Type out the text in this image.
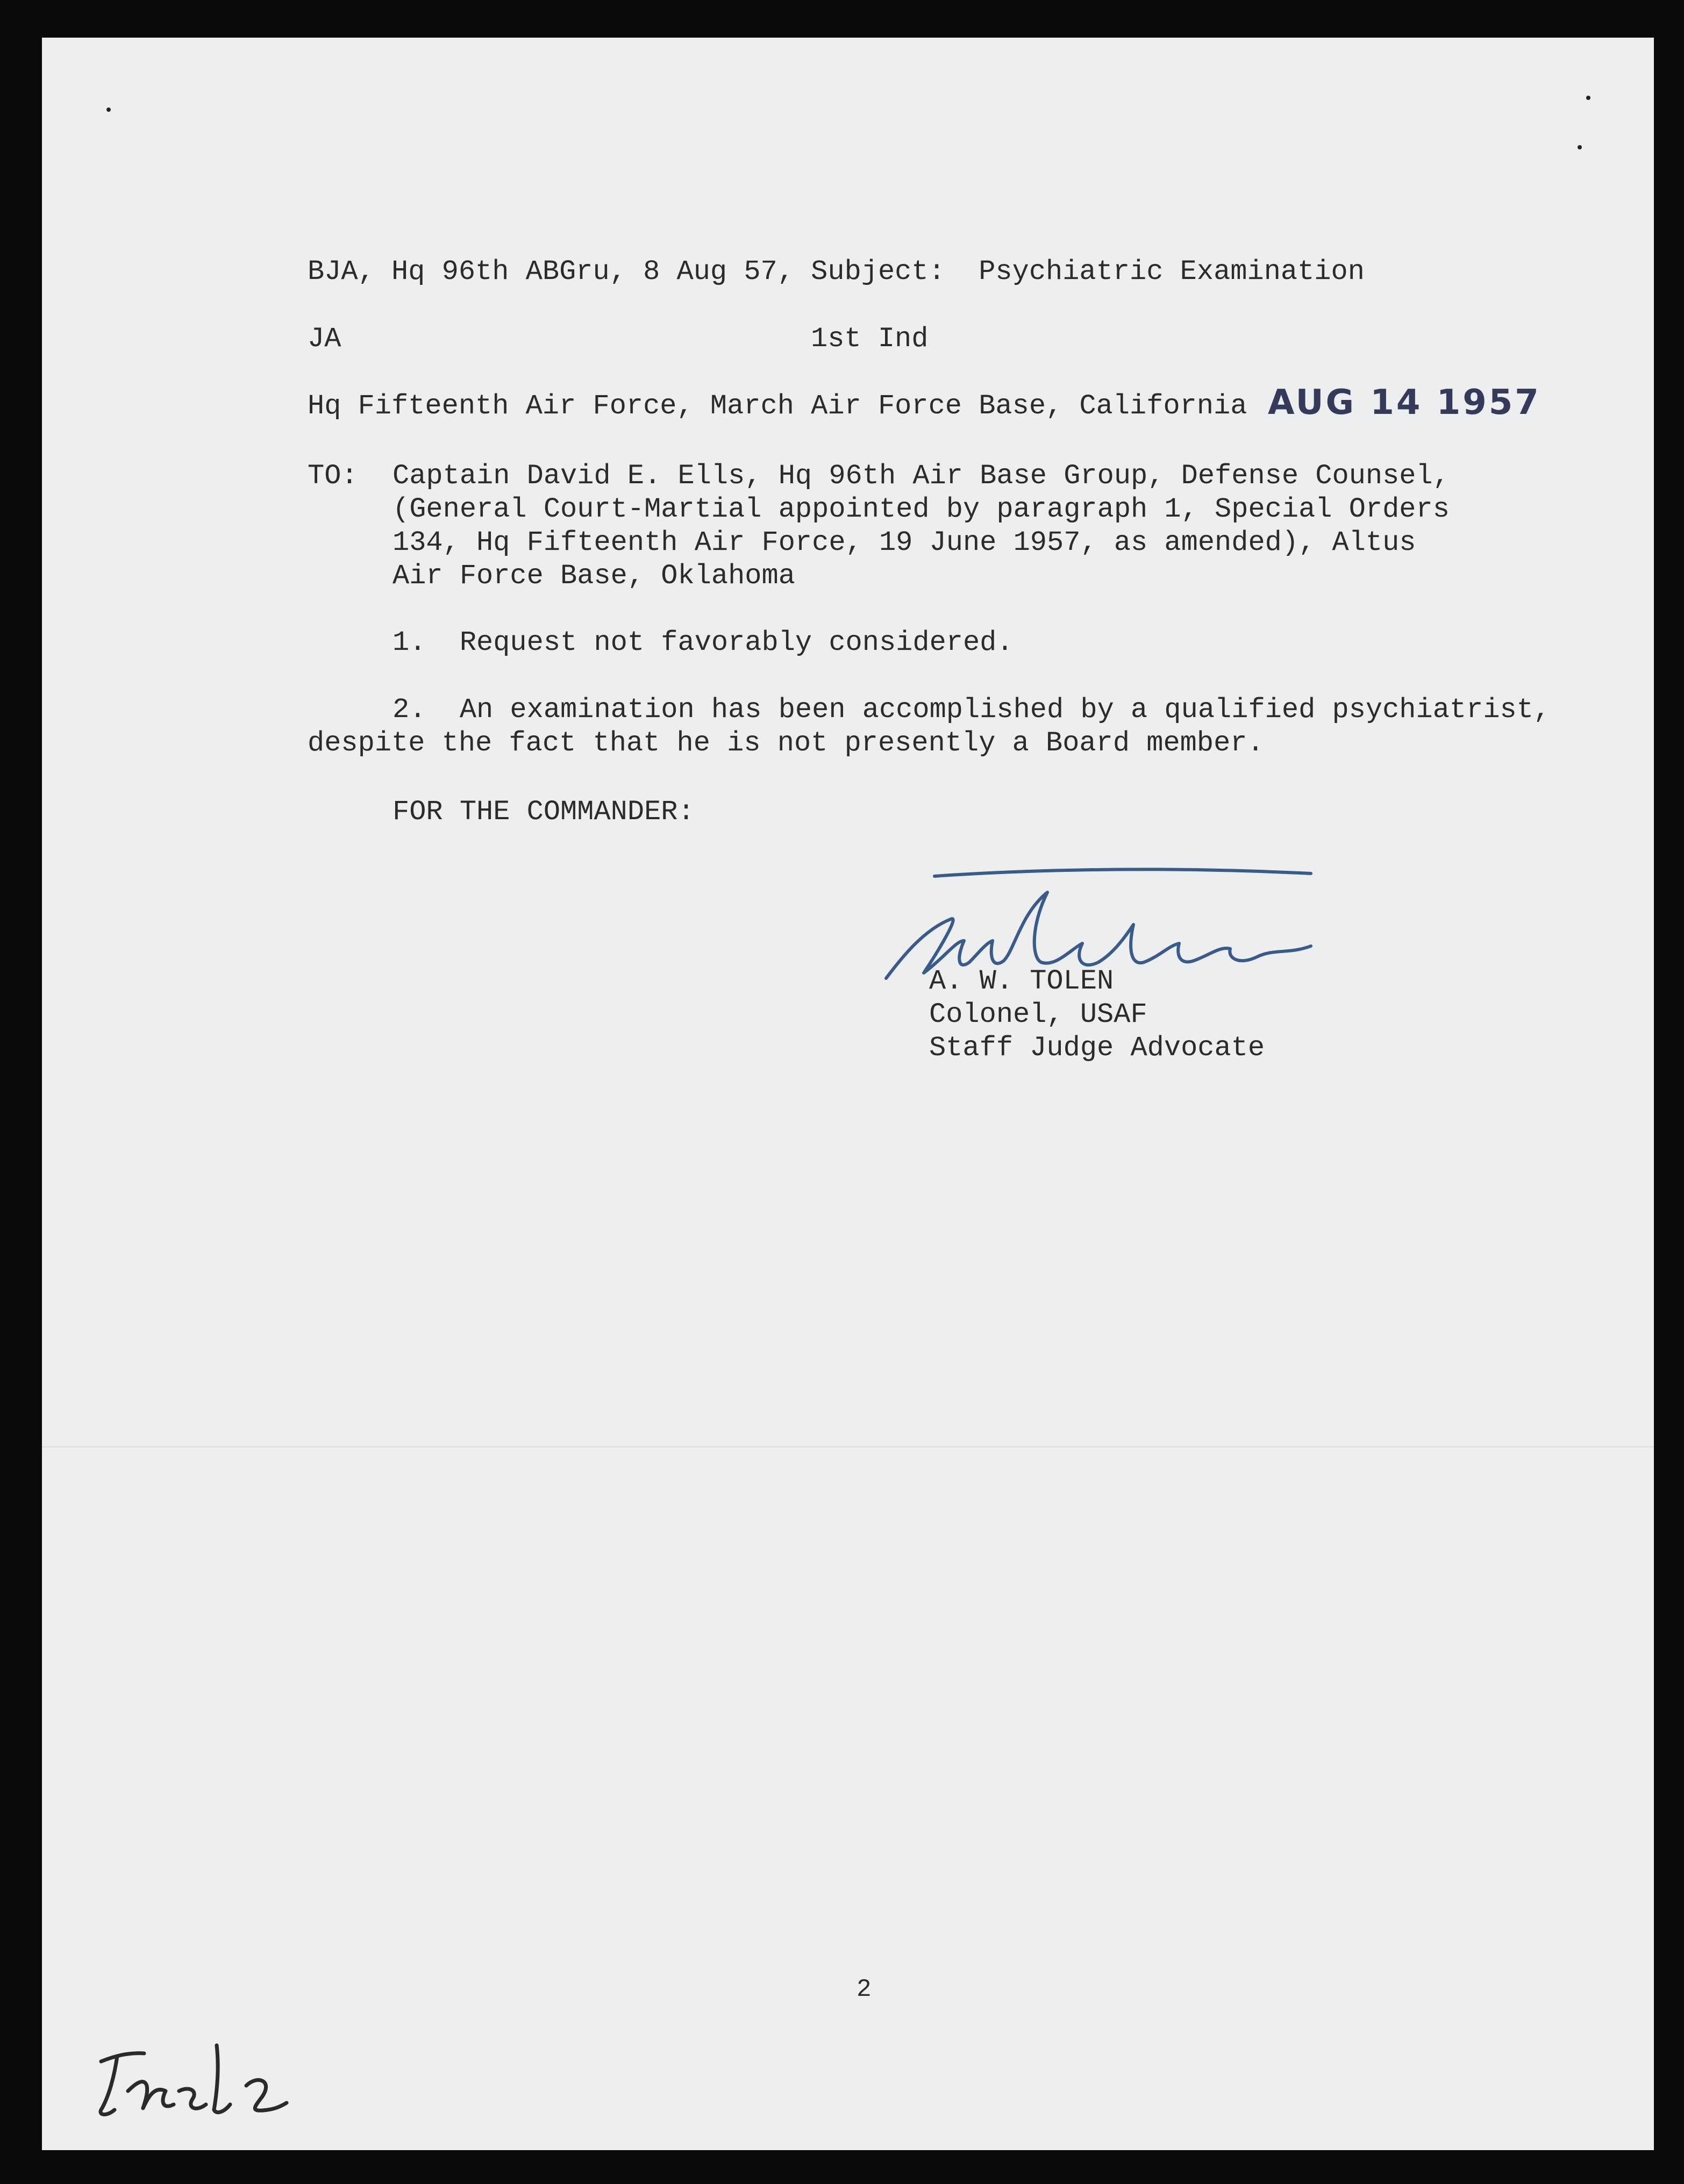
BJA, Hq 96th ABGru, 8 Aug 57, Subject:  Psychiatric Examination
JA	1st Ind
Hq Fifteenth Air Force, March Air Force Base, California AUG 14 1957
TO: Captain David E. Ells, Hq 96th Air Base Group, Defense Counsel,
(General Court-Martial appointed by paragraph 1, Special Orders
134, Hq Fifteenth Air Force, 19 June 1957, as amended), Altus
Air Force Base, Oklahoma
1.  Request not favorably considered.
2.  An examination has been accomplished by a qualified psychiatrist,
despite the fact that he is not presently a Board member.
FOR THE COMMANDER:
A. W. TOLEN
Colonel, USAF
Staff Judge Advocate
2
